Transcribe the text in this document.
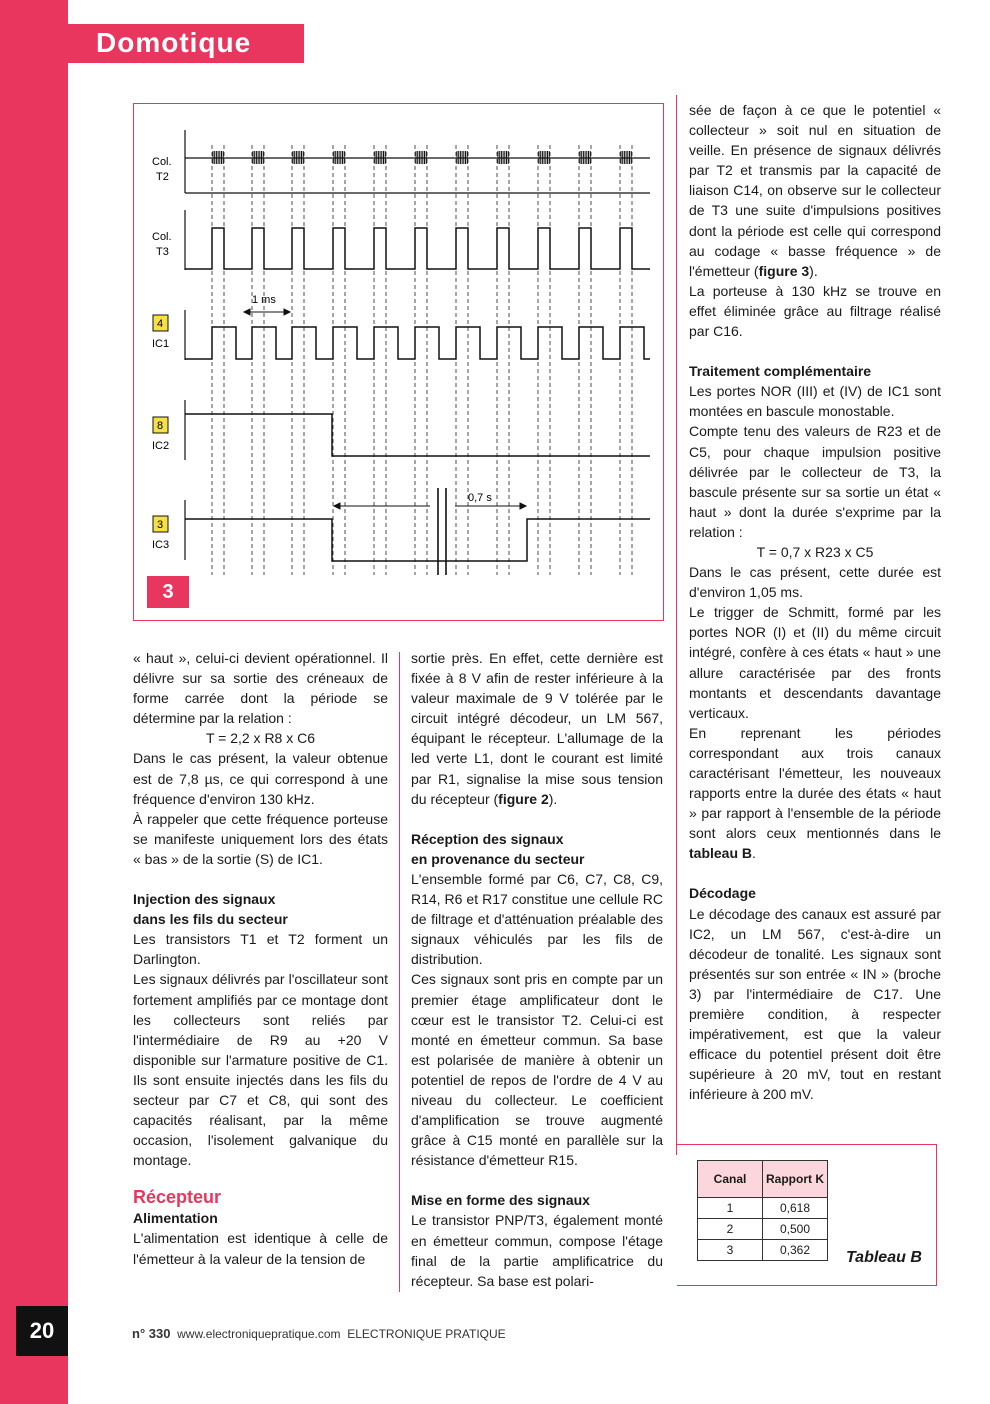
20
Domotique
1 ms
0,7 s
Col.
T2
Col.
T3
4
IC1
8
IC2
3
IC3
3

« haut », celui-ci devient opérationnel. Il délivre sur sa sortie des créneaux de forme carrée dont la période se détermine par la relation :

T = 2,2 x R8 x C6

Dans le cas présent, la valeur obtenue est de 7,8 µs, ce qui correspond à une fréquence d'environ 130 kHz.

À rappeler que cette fréquence porteuse se manifeste uniquement lors des états « bas » de la sortie (S) de IC1.

Injection des signaux
dans les fils du secteur

Les transistors T1 et T2 forment un Darlington.

Les signaux délivrés par l'oscillateur sont fortement amplifiés par ce montage dont les collecteurs sont reliés par l'intermédiaire de R9 au +20 V disponible sur l'armature positive de C1. Ils sont ensuite injectés dans les fils du secteur par C7 et C8, qui sont des capacités réalisant, par la même occasion, l'isolement galvanique du montage.

Récepteur

Alimentation

L'alimentation est identique à celle de l'émetteur à la valeur de la tension de

sortie près. En effet, cette dernière est fixée à 8 V afin de rester inférieure à la valeur maximale de 9 V tolérée par le circuit intégré décodeur, un LM 567, équipant le récepteur. L'allumage de la led verte L1, dont le courant est limité par R1, signalise la mise sous tension du récepteur (figure 2).

Réception des signaux
en provenance du secteur

L'ensemble formé par C6, C7, C8, C9, R14, R6 et R17 constitue une cellule RC de filtrage et d'atténuation préalable des signaux véhiculés par les fils de distribution.

Ces signaux sont pris en compte par un premier étage amplificateur dont le cœur est le transistor T2. Celui-ci est monté en émetteur commun. Sa base est polarisée de manière à obtenir un potentiel de repos de l'ordre de 4 V au niveau du collecteur. Le coefficient d'amplification se trouve augmenté grâce à C15 monté en parallèle sur la résistance d'émetteur R15.

Mise en forme des signaux

Le transistor PNP/T3, également monté en émetteur commun, compose l'étage final de la partie amplificatrice du récepteur. Sa base est polari-

sée de façon à ce que le potentiel « collecteur » soit nul en situation de veille. En présence de signaux délivrés par T2 et transmis par la capacité de liaison C14, on observe sur le collecteur de T3 une suite d'impulsions positives dont la période est celle qui correspond au codage « basse fréquence » de l'émetteur (figure 3).

La porteuse à 130 kHz se trouve en effet éliminée grâce au filtrage réalisé par C16.

Traitement complémentaire

Les portes NOR (III) et (IV) de IC1 sont montées en bascule monostable.

Compte tenu des valeurs de R23 et de C5, pour chaque impulsion positive délivrée par le collecteur de T3, la bascule présente sur sa sortie un état « haut » dont la durée s'exprime par la relation :

T = 0,7 x R23 x C5

Dans le cas présent, cette durée est d'environ 1,05 ms.

Le trigger de Schmitt, formé par les portes NOR (I) et (II) du même circuit intégré, confère à ces états « haut » une allure caractérisée par des fronts montants et descendants davantage verticaux.

En reprenant les périodes correspondant aux trois canaux caractérisant l'émetteur, les nouveaux rapports entre la durée des états « haut » par rapport à l'ensemble de la période sont alors ceux mentionnés dans le tableau B.

Décodage

Le décodage des canaux est assuré par IC2, un LM 567, c'est-à-dire un décodeur de tonalité. Les signaux sont présentés sur son entrée « IN » (broche 3) par l'intermédiaire de C17. Une première condition, à respecter impérativement, est que la valeur efficace du potentiel présent doit être supérieure à 20 mV, tout en restant inférieure à 200 mV.

Canal	Rapport K
1	0,618
2	0,500
3	0,362 Tableau B
n° 330 www.electroniquepratique.com ELECTRONIQUE PRATIQUE
